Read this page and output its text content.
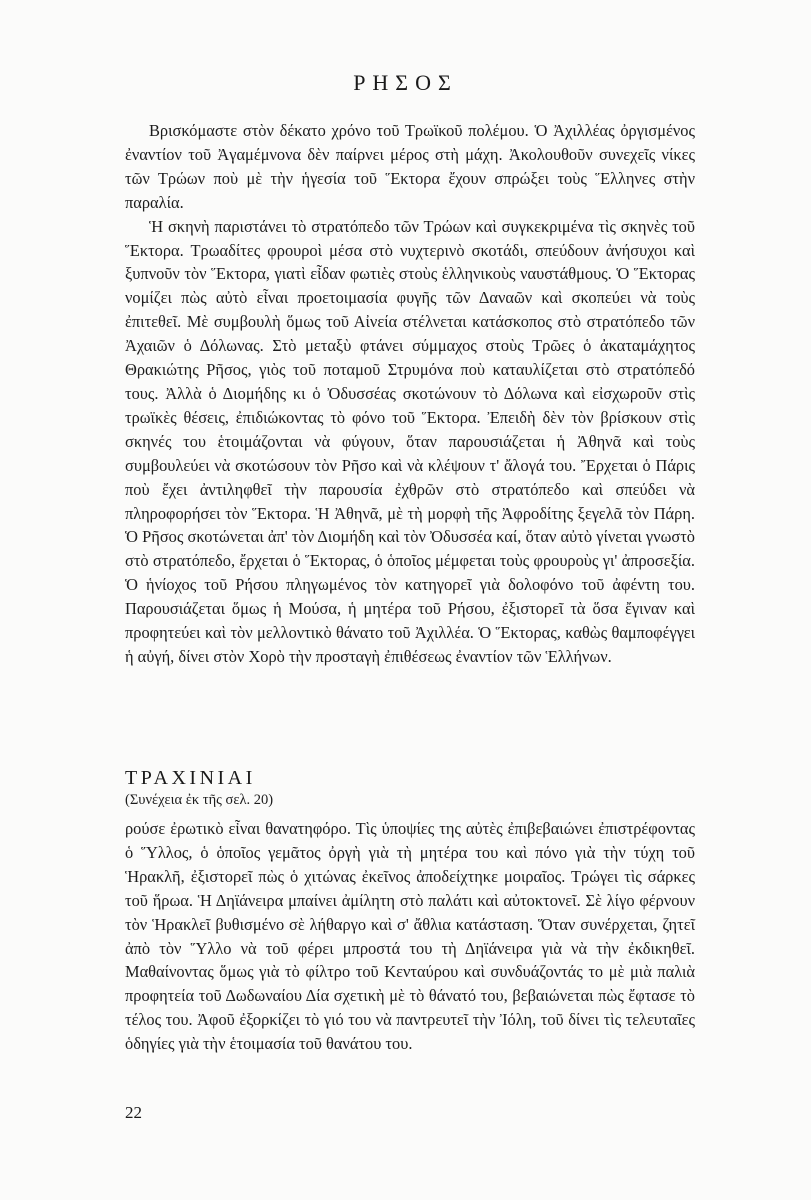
ΡΗΣΟΣ

Βρισκόμαστε στὸν δέκατο χρόνο τοῦ Τρωϊκοῦ πολέμου. Ὁ Ἀχιλλέας ὀργισμένος ἐναντίον τοῦ Ἀγαμέμνονα δὲν παίρνει μέρος στὴ μάχη. Ἀκολουθοῦν συνεχεῖς νίκες τῶν Τρώων ποὺ μὲ τὴν ἡγεσία τοῦ Ἕκτορα ἔχουν σπρώξει τοὺς Ἕλληνες στὴν παραλία.

Ἡ σκηνὴ παριστάνει τὸ στρατόπεδο τῶν Τρώων καὶ συγκεκριμένα τὶς σκηνὲς τοῦ Ἕκτορα. Τρωαδίτες φρουροὶ μέσα στὸ νυχτερινὸ σκοτάδι, σπεύδουν ἀνήσυχοι καὶ ξυπνοῦν τὸν Ἕκτορα, γιατὶ εἶδαν φωτιὲς στοὺς ἑλληνικοὺς ναυστάθμους. Ὁ Ἕκτορας νομίζει πὼς αὐτὸ εἶναι προετοιμασία φυγῆς τῶν Δαναῶν καὶ σκοπεύει νὰ τοὺς ἐπιτεθεῖ. Μὲ συμβουλὴ ὅμως τοῦ Αἰνεία στέλνεται κατάσκοπος στὸ στρατόπεδο τῶν Ἀχαιῶν ὁ Δόλωνας. Στὸ μεταξὺ φτάνει σύμμαχος στοὺς Τρῶες ὁ ἀκαταμάχητος Θρακιώτης Ρῆσος, γιὸς τοῦ ποταμοῦ Στρυμόνα ποὺ καταυλίζεται στὸ στρατόπεδό τους. Ἀλλὰ ὁ Διομήδης κι ὁ Ὀδυσσέας σκοτώνουν τὸ Δόλωνα καὶ εἰσχωροῦν στὶς τρωϊκὲς θέσεις, ἐπιδιώκοντας τὸ φόνο τοῦ Ἕκτορα. Ἐπειδὴ δὲν τὸν βρίσκουν στὶς σκηνές του ἑτοιμάζονται νὰ φύγουν, ὅταν παρουσιάζεται ἡ Ἀθηνᾶ καὶ τοὺς συμβουλεύει νὰ σκοτώσουν τὸν Ρῆσο καὶ νὰ κλέψουν τ' ἄλογά του. Ἔρχεται ὁ Πάρις ποὺ ἔχει ἀντιληφθεῖ τὴν παρουσία ἐχθρῶν στὸ στρατόπεδο καὶ σπεύδει νὰ πληροφορήσει τὸν Ἕκτορα. Ἡ Ἀθηνᾶ, μὲ τὴ μορφὴ τῆς Ἀφροδίτης ξεγελᾶ τὸν Πάρη. Ὁ Ρῆσος σκοτώνεται ἀπ' τὸν Διομήδη καὶ τὸν Ὀδυσσέα καί, ὅταν αὐτὸ γίνεται γνωστὸ στὸ στρατόπεδο, ἔρχεται ὁ Ἕκτορας, ὁ ὁποῖος μέμφεται τοὺς φρουροὺς γι' ἀπροσεξία. Ὁ ἡνίοχος τοῦ Ρήσου πληγωμένος τὸν κατηγορεῖ γιὰ δολοφόνο τοῦ ἀφέντη του. Παρουσιάζεται ὅμως ἡ Μούσα, ἡ μητέρα τοῦ Ρήσου, ἐξιστορεῖ τὰ ὅσα ἔγιναν καὶ προφητεύει καὶ τὸν μελλοντικὸ θάνατο τοῦ Ἀχιλλέα. Ὁ Ἕκτορας, καθὼς θαμποφέγγει ἡ αὐγή, δίνει στὸν Χορὸ τὴν προσταγὴ ἐπιθέσεως ἐναντίον τῶν Ἑλλήνων.

ΤΡΑΧΙΝΙΑΙ
(Συνέχεια ἐκ τῆς σελ. 20)

ρούσε ἐρωτικὸ εἶναι θανατηφόρο. Τὶς ὑποψίες της αὐτὲς ἐπιβεβαιώνει ἐπιστρέφοντας ὁ Ὕλλος, ὁ ὁποῖος γεμᾶτος ὀργὴ γιὰ τὴ μητέρα του καὶ πόνο γιὰ τὴν τύχη τοῦ Ἡρακλῆ, ἐξιστορεῖ πὼς ὁ χιτώνας ἐκεῖνος ἀποδείχτηκε μοιραῖος. Τρώγει τὶς σάρκες τοῦ ἥρωα. Ἡ Δηϊάνειρα μπαίνει ἀμίλητη στὸ παλάτι καὶ αὐτοκτονεῖ. Σὲ λίγο φέρνουν τὸν Ἡρακλεῖ βυθισμένο σὲ λήθαργο καὶ σ' ἄθλια κατάσταση. Ὅταν συνέρχεται, ζητεῖ ἀπὸ τὸν Ὕλλο νὰ τοῦ φέρει μπροστά του τὴ Δηϊάνειρα γιὰ νὰ τὴν ἐκδικηθεῖ. Μαθαίνοντας ὅμως γιὰ τὸ φίλτρο τοῦ Κενταύρου καὶ συνδυάζοντάς το μὲ μιὰ παλιὰ προφητεία τοῦ Δωδωναίου Δία σχετικὴ μὲ τὸ θάνατό του, βεβαιώνεται πὼς ἔφτασε τὸ τέλος του. Ἀφοῦ ἐξορκίζει τὸ γιό του νὰ παντρευτεῖ τὴν Ἰόλη, τοῦ δίνει τὶς τελευταῖες ὁδηγίες γιὰ τὴν ἑτοιμασία τοῦ θανάτου του.

22
